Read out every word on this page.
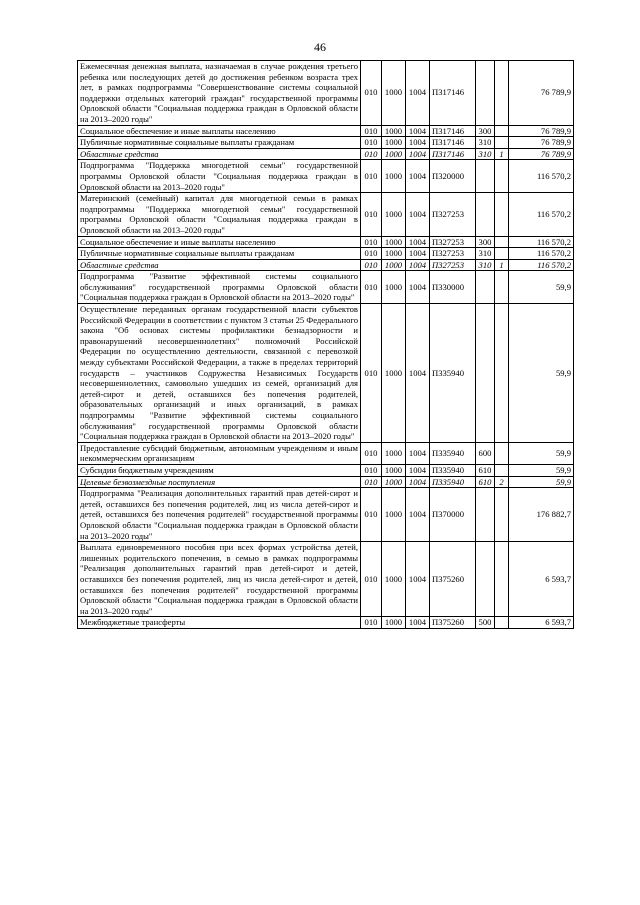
46
Ежемесячная денежная выплата, назначаемая в случае рождения третьего ребенка или последующих детей до достижения ребенком возраста трех лет, в рамках подпрограммы "Совершенствование системы социальной поддержки отдельных категорий граждан" государственной программы Орловской области "Социальная поддержка граждан в Орловской области на 2013–2020 годы"	010	1000	1004	П317146			76 789,9
Социальное обеспечение и иные выплаты населению	010	1000	1004	П317146	300		76 789,9
Публичные нормативные социальные выплаты гражданам	010	1000	1004	П317146	310		76 789,9
Областные средства	010	1000	1004	П317146	310	1	76 789,9
Подпрограмма "Поддержка многодетной семьи" государственной программы Орловской области "Социальная поддержка граждан в Орловской области на 2013–2020 годы"	010	1000	1004	П320000			116 570,2
Материнский (семейный) капитал для многодетной семьи в рамках подпрограммы "Поддержка многодетной семьи" государственной программы Орловской области "Социальная поддержка граждан в Орловской области на 2013–2020 годы"	010	1000	1004	П327253			116 570,2
Социальное обеспечение и иные выплаты населению	010	1000	1004	П327253	300		116 570,2
Публичные нормативные социальные выплаты гражданам	010	1000	1004	П327253	310		116 570,2
Областные средства	010	1000	1004	П327253	310	1	116 570,2
Подпрограмма "Развитие эффективной системы социального обслуживания" государственной программы Орловской области "Социальная поддержка граждан в Орловской области на 2013–2020 годы"	010	1000	1004	П330000			59,9
Осуществление переданных органам государственной власти субъектов Российской Федерации в соответствии с пунктом 3 статьи 25 Федерального закона "Об основах системы профилактики безнадзорности и правонарушений несовершеннолетних" полномочий Российской Федерации по осуществлению деятельности, связанной с перевозкой между субъектами Российской Федерации, а также в пределах территорий государств – участников Содружества Независимых Государств несовершеннолетних, самовольно ушедших из семей, организаций для детей-сирот и детей, оставшихся без попечения родителей, образовательных организаций и иных организаций, в рамках подпрограммы "Развитие эффективной системы социального обслуживания" государственной программы Орловской области "Социальная поддержка граждан в Орловской области на 2013–2020 годы"	010	1000	1004	П335940			59,9
Предоставление субсидий бюджетным, автономным учреждениям и иным некоммерческим организациям	010	1000	1004	П335940	600		59,9
Субсидии бюджетным учреждениям	010	1000	1004	П335940	610		59,9
Целевые безвозмездные поступления	010	1000	1004	П335940	610	2	59,9
Подпрограмма "Реализация дополнительных гарантий прав детей-сирот и детей, оставшихся без попечения родителей, лиц из числа детей-сирот и детей, оставшихся без попечения родителей" государственной программы Орловской области "Социальная поддержка граждан в Орловской области на 2013–2020 годы"	010	1000	1004	П370000			176 882,7
Выплата единовременного пособия при всех формах устройства детей, лишенных родительского попечения, в семью в рамках подпрограммы "Реализация дополнительных гарантий прав детей-сирот и детей, оставшихся без попечения родителей, лиц из числа детей-сирот и детей, оставшихся без попечения родителей" государственной программы Орловской области "Социальная поддержка граждан в Орловской области на 2013–2020 годы"	010	1000	1004	П375260			6 593,7
Межбюджетные трансферты	010	1000	1004	П375260	500		6 593,7
